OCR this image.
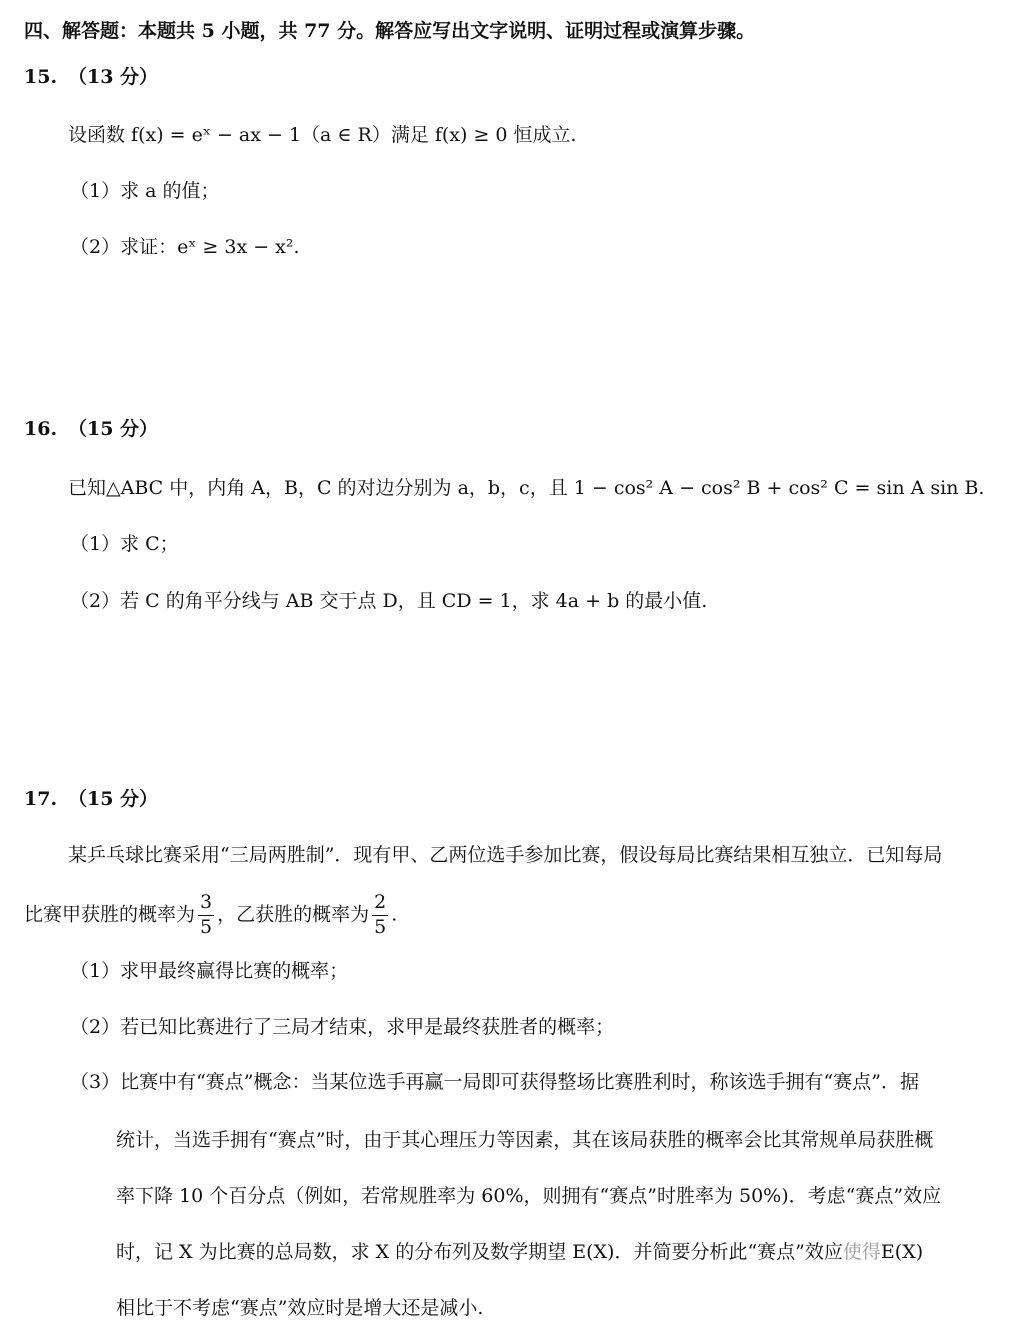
四、解答题：本题共 5 小题，共 77 分。解答应写出文字说明、证明过程或演算步骤。
15. （13 分）
设函数 f(x) = eˣ − ax − 1（a ∈ R）满足 f(x) ≥ 0 恒成立.
（1）求 a 的值；
（2）求证：eˣ ≥ 3x − x².
16. （15 分）
已知△ABC 中，内角 A，B，C 的对边分别为 a，b，c，且 1 − cos² A − cos² B + cos² C = sin A sin B.
（1）求 C；
（2）若 C 的角平分线与 AB 交于点 D，且 CD = 1，求 4a + b 的最小值.
17. （15 分）
某乒乓球比赛采用“三局两胜制”．现有甲、乙两位选手参加比赛，假设每局比赛结果相互独立．已知每局
比赛甲获胜的概率为 $\frac{3}{5}$ ，乙获胜的概率为 $\frac{2}{5}$ .
（1）求甲最终赢得比赛的概率；
（2）若已知比赛进行了三局才结束，求甲是最终获胜者的概率；
（3）比赛中有“赛点”概念：当某位选手再赢一局即可获得整场比赛胜利时，称该选手拥有“赛点”．据
统计，当选手拥有“赛点”时，由于其心理压力等因素，其在该局获胜的概率会比其常规单局获胜概
率下降 10 个百分点（例如，若常规胜率为 60%，则拥有“赛点”时胜率为 50%)．考虑“赛点”效应
时，记 X 为比赛的总局数，求 X 的分布列及数学期望 E(X)．并简要分析此“赛点”效应使得E(X)
相比于不考虑“赛点”效应时是增大还是减小.
